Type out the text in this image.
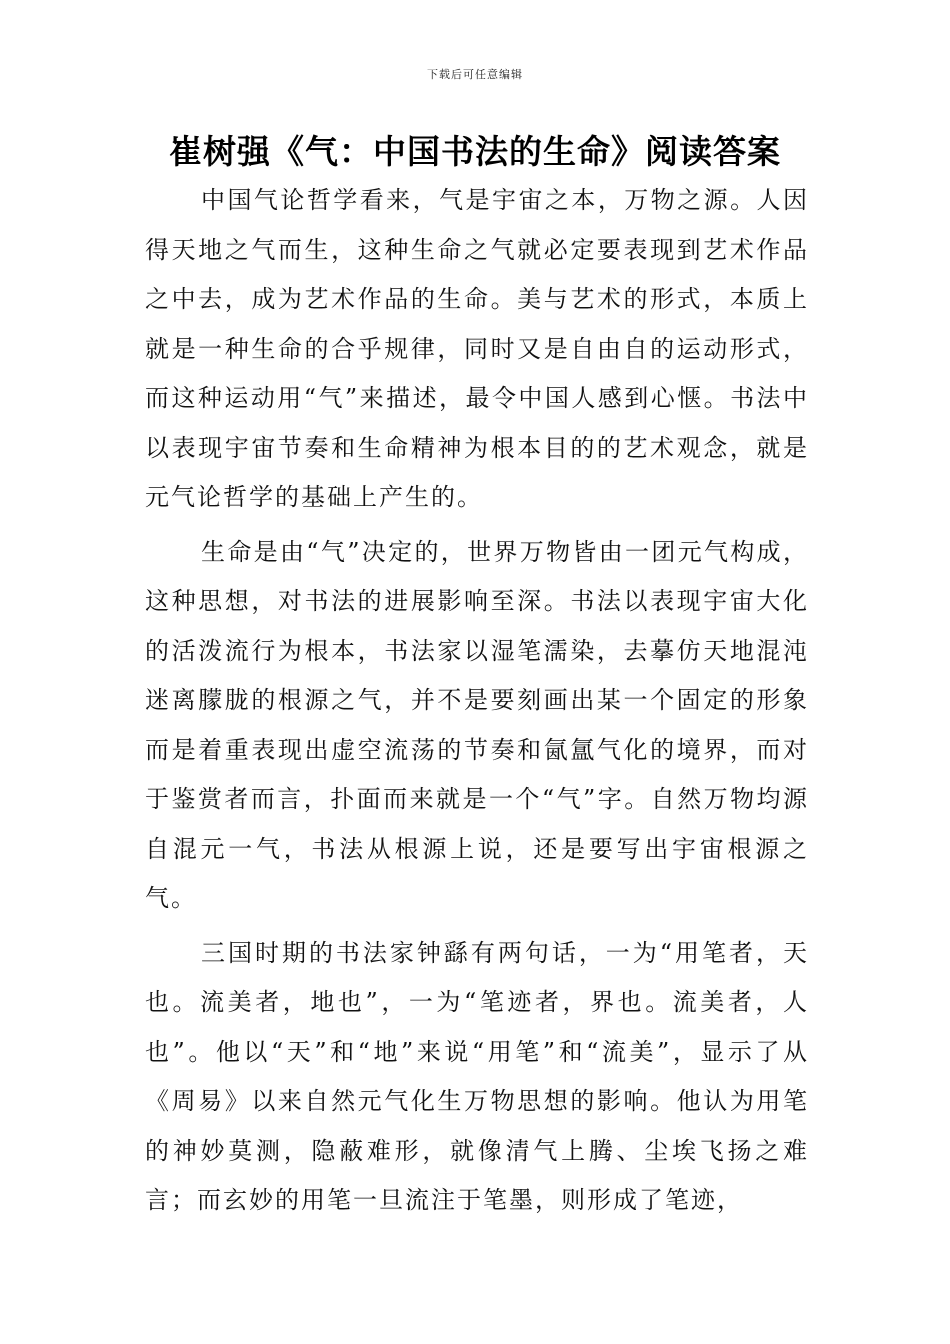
下载后可任意编辑
崔树强《气：中国书法的生命》阅读答案

中国气论哲学看来，气是宇宙之本，万物之源。人因得天地之气而生，这种生命之气就必定要表现到艺术作品之中去，成为艺术作品的生命。美与艺术的形式，本质上就是一种生命的合乎规律，同时又是自由自的运动形式，而这种运动用“气”来描述，最令中国人感到心惬。书法中以表现宇宙节奏和生命精神为根本目的的艺术观念，就是元气论哲学的基础上产生的。

生命是由“气”决定的，世界万物皆由一团元气构成，这种思想，对书法的进展影响至深。书法以表现宇宙大化的活泼流行为根本，书法家以湿笔濡染，去摹仿天地混沌迷离朦胧的根源之气，并不是要刻画出某一个固定的形象而是着重表现出虚空流荡的节奏和氤氲气化的境界，而对于鉴赏者而言，扑面而来就是一个“气”字。自然万物均源自混元一气，书法从根源上说，还是要写出宇宙根源之气。

三国时期的书法家钟繇有两句话，一为“用笔者，天也。流美者，地也”，一为“笔迹者，界也。流美者，人也”。他以“天”和“地”来说“用笔”和“流美”，显示了从《周易》以来自然元气化生万物思想的影响。他认为用笔的神妙莫测，隐蔽难形，就像清气上腾、尘埃飞扬之难言；而玄妙的用笔一旦流注于笔墨，则形成了笔迹，
